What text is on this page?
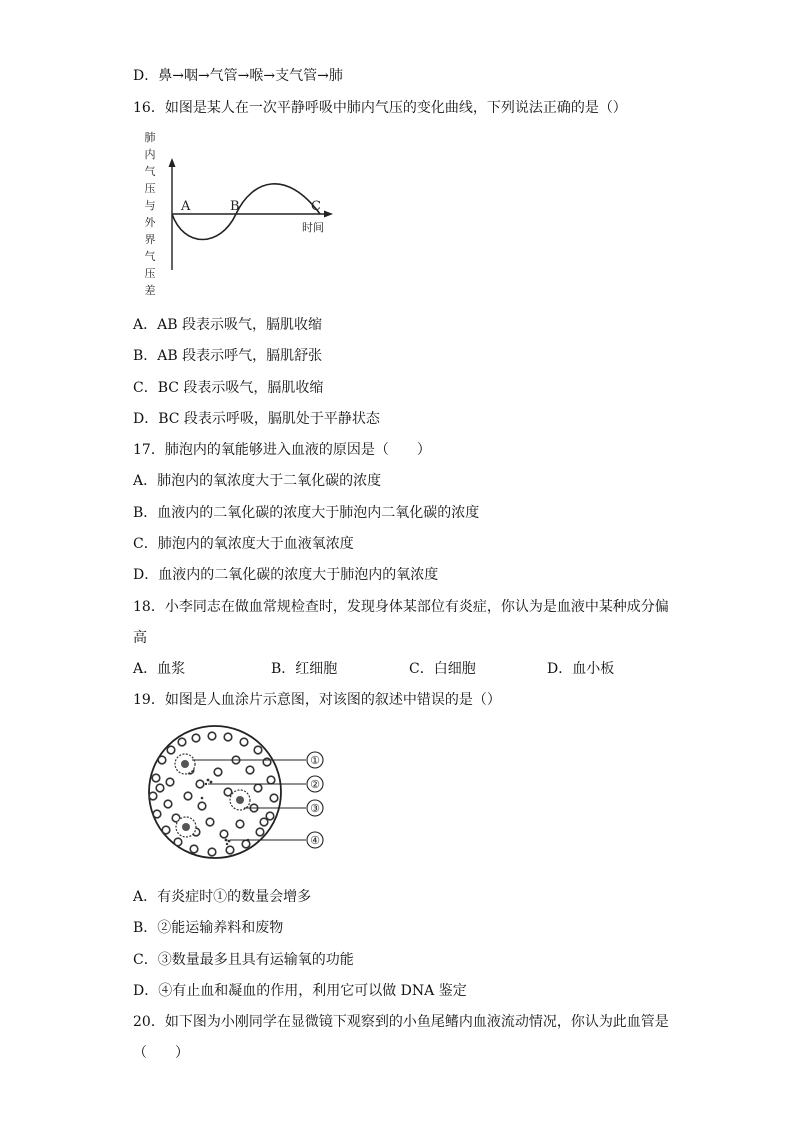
D．鼻→咽→气管→喉→支气管→肺
16．如图是某人在一次平静呼吸中肺内气压的变化曲线，下列说法正确的是（）
肺
内
气
压
与
外
界
气
压
差
A	B	C
时间
A．AB 段表示吸气，膈肌收缩
B．AB 段表示呼气，膈肌舒张
C．BC 段表示吸气，膈肌收缩
D．BC 段表示呼吸，膈肌处于平静状态
17．肺泡内的氧能够进入血液的原因是（　　）
A．肺泡内的氧浓度大于二氧化碳的浓度
B．血液内的二氧化碳的浓度大于肺泡内二氧化碳的浓度
C．肺泡内的氧浓度大于血液氧浓度
D．血液内的二氧化碳的浓度大于肺泡内的氧浓度
18．小李同志在做血常规检查时，发现身体某部位有炎症，你认为是血液中某种成分偏
高
A．血浆	B．红细胞	C．白细胞	D．血小板
19．如图是人血涂片示意图，对该图的叙述中错误的是（）
①
②
③
④
A．有炎症时①的数量会增多
B．②能运输养料和废物
C．③数量最多且具有运输氧的功能
D．④有止血和凝血的作用，利用它可以做 DNA 鉴定
20．如下图为小刚同学在显微镜下观察到的小鱼尾鳍内血液流动情况，你认为此血管是
（　　）
